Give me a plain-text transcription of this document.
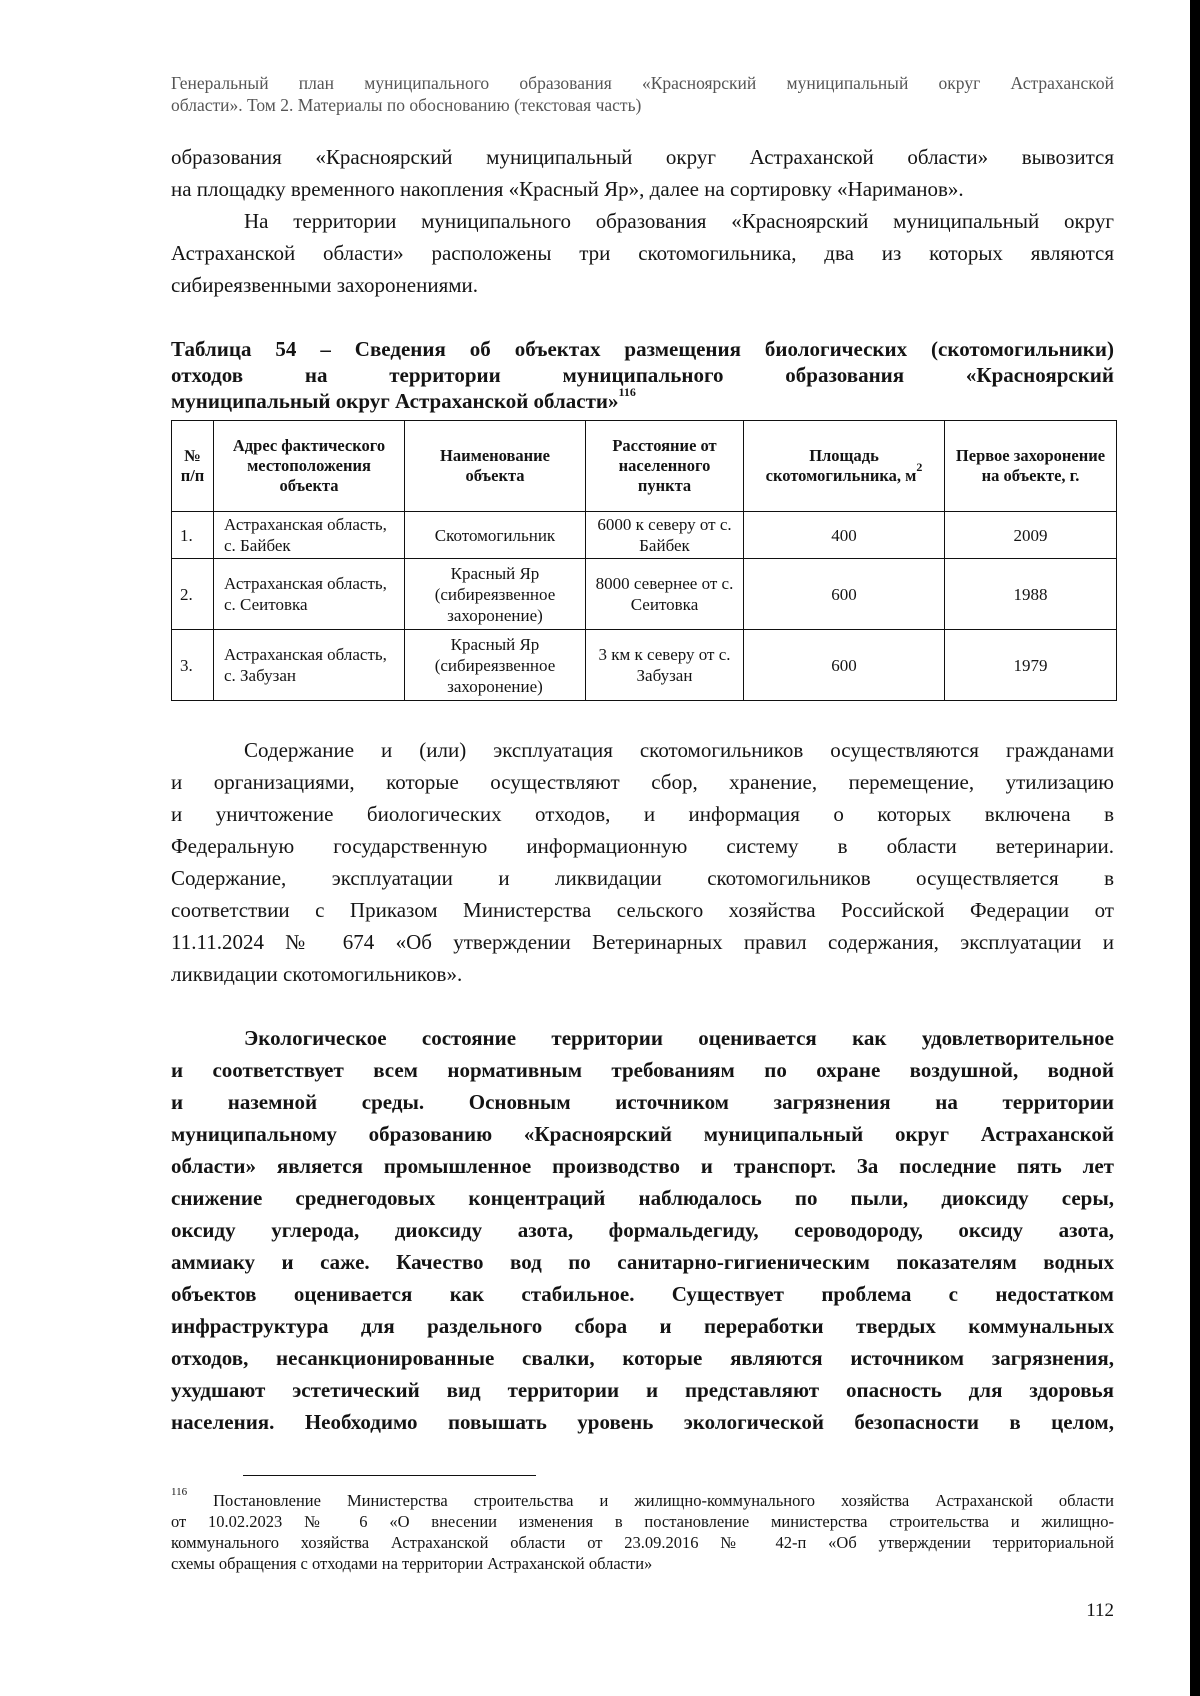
Генеральный план муниципального образования «Красноярский муниципальный округ Астраханской
области». Том 2. Материалы по обоснованию (текстовая часть)

образования «Красноярский муниципальный округ Астраханской области» вывозится
на площадку временного накопления «Красный Яр», далее на сортировку «Нариманов».

На территории муниципального образования «Красноярский муниципальный округ
Астраханской области» расположены три скотомогильника, два из которых являются
сибиреязвенными захоронениями.

Таблица 54 – Сведения об объектах размещения биологических (скотомогильники)
отходов на территории муниципального образования «Красноярский
муниципальный округ Астраханской области»$^{116}$
№ п/п	Адрес фактического местоположения объекта	Наименование объекта	Расстояние от населенного пункта	Площадь скотомогильника, $м^2$	Первое захоронение на объекте, г.
1.	Астраханская область, с. Байбек	Скотомогильник	6000 к северу от с. Байбек	400	2009
2.	Астраханская область, с. Сеитовка	Красный Яр (сибиреязвенное захоронение)	8000 севернее от с. Сеитовка	600	1988
3.	Астраханская область, с. Забузан	Красный Яр (сибиреязвенное захоронение)	3 км к северу от с. Забузан	600	1979

Содержание и (или) эксплуатация скотомогильников осуществляются гражданами
и организациями, которые осуществляют сбор, хранение, перемещение, утилизацию
и уничтожение биологических отходов, и информация о которых включена в
Федеральную государственную информационную систему в области ветеринарии.
Содержание, эксплуатации и ликвидации скотомогильников осуществляется в
соответствии с Приказом Министерства сельского хозяйства Российской Федерации от
11.11.2024 № 674 «Об утверждении Ветеринарных правил содержания, эксплуатации и
ликвидации скотомогильников».

Экологическое состояние территории оценивается как удовлетворительное
и соответствует всем нормативным требованиям по охране воздушной, водной
и наземной среды. Основным источником загрязнения на территории
муниципальному образованию «Красноярский муниципальный округ Астраханской
области» является промышленное производство и транспорт. За последние пять лет
снижение среднегодовых концентраций наблюдалось по пыли, диоксиду серы,
оксиду углерода, диоксиду азота, формальдегиду, сероводороду, оксиду азота,
аммиаку и саже. Качество вод по санитарно-гигиеническим показателям водных
объектов оценивается как стабильное. Существует проблема с недостатком
инфраструктура для раздельного сбора и переработки твердых коммунальных
отходов, несанкционированные свалки, которые являются источником загрязнения,
ухудшают эстетический вид территории и представляют опасность для здоровья
населения. Необходимо повышать уровень экологической безопасности в целом,

$^{116}$ Постановление Министерства строительства и жилищно-коммунального хозяйства Астраханской области
от 10.02.2023 № 6 «О внесении изменения в постановление министерства строительства и жилищно-
коммунального хозяйства Астраханской области от 23.09.2016 № 42-п «Об утверждении территориальной
схемы обращения с отходами на территории Астраханской области»
112
